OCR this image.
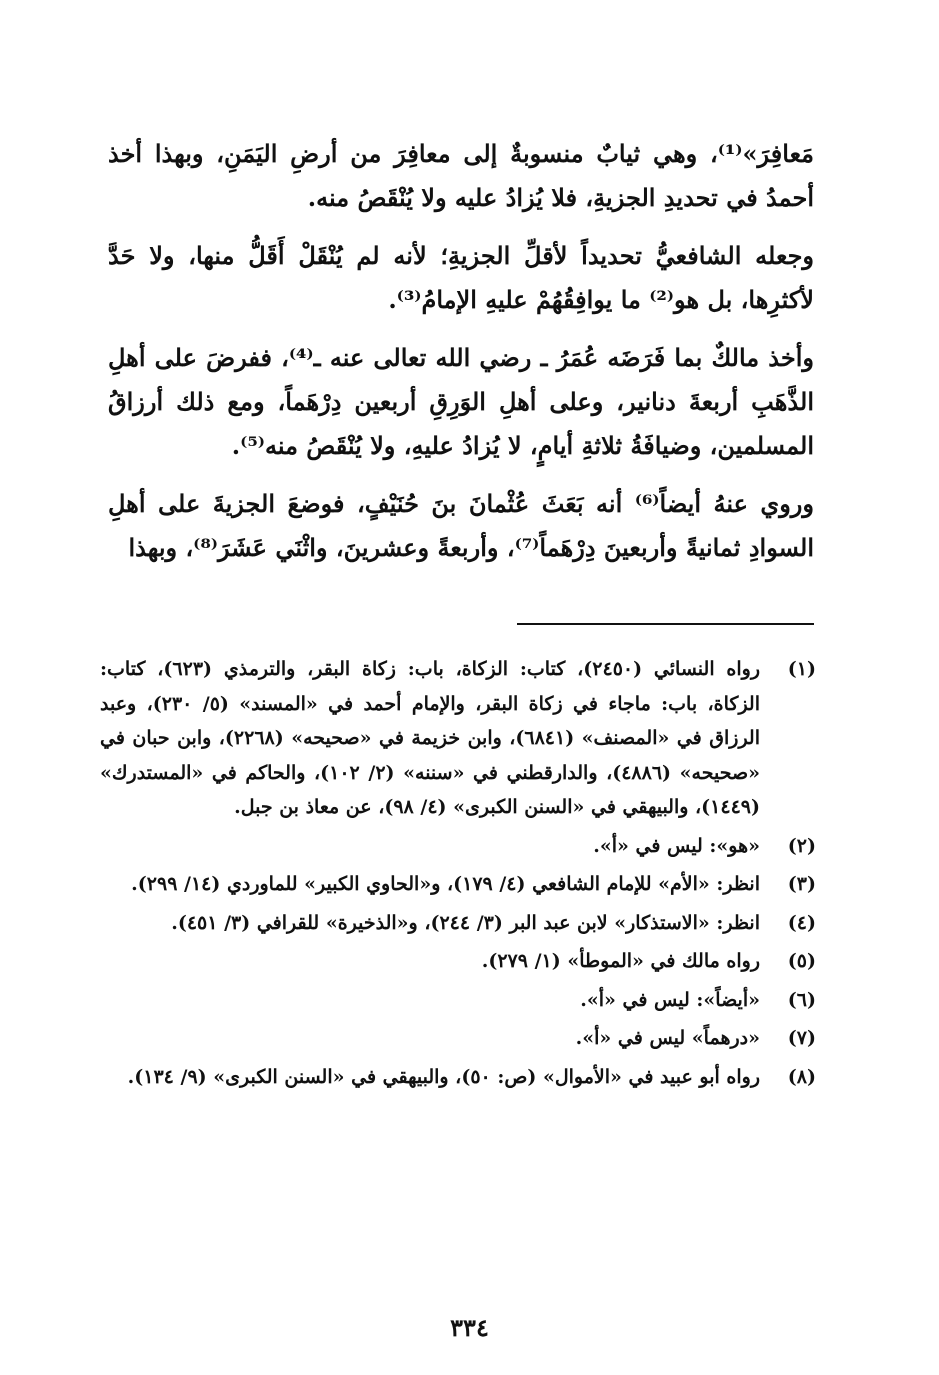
مَعافِرَ»⁽¹⁾، وهي ثيابٌ منسوبةٌ إلى معافِرَ من أرضِ اليَمَنِ، وبهذا أخذ أحمدُ في تحديدِ الجزيةِ، فلا يُزادُ عليه ولا يُنْقَصُ منه.

وجعله الشافعيُّ تحديداً لأقلِّ الجزيةِ؛ لأنه لم يُنْقَلْ أَقَلُّ منها، ولا حَدَّ لأكثرِها، بل هو⁽²⁾ ما يوافِقُهُمْ عليهِ الإمامُ⁽³⁾.

وأخذ مالكٌ بما فَرَضَه عُمَرُ ـ رضي الله تعالى عنه ـ⁽⁴⁾، ففرضَ على أهلِ الذَّهَبِ أربعةَ دنانير، وعلى أهلِ الوَرِقِ أربعين دِرْهَماً، ومع ذلك أرزاقُ المسلمين، وضيافَةُ ثلاثةِ أيامٍ، لا يُزادُ عليهِ، ولا يُنْقَصُ منه⁽⁵⁾.

وروي عنهُ أيضاً⁽⁶⁾ أنه بَعَثَ عُثْمانَ بنَ حُنَيْفٍ، فوضعَ الجزيةَ على أهلِ السوادِ ثمانيةً وأربعينَ دِرْهَماً⁽⁷⁾، وأربعةً وعشرينَ، واثْنَي عَشَرَ⁽⁸⁾، وبهذا

(١)
رواه النسائي (٢٤٥٠)، كتاب: الزكاة، باب: زكاة البقر، والترمذي (٦٢٣)، كتاب: الزكاة، باب: ماجاء في زكاة البقر، والإمام أحمد في «المسند» (٥/ ٢٣٠)، وعبد الرزاق في «المصنف» (٦٨٤١)، وابن خزيمة في «صحيحه» (٢٢٦٨)، وابن حبان في «صحيحه» (٤٨٨٦)، والدارقطني في «سننه» (٢/ ١٠٢)، والحاكم في «المستدرك» (١٤٤٩)، والبيهقي في «السنن الكبرى» (٤/ ٩٨)، عن معاذ بن جبل.
(٢)
«هو»: ليس في «أ».
(٣)
انظر: «الأم» للإمام الشافعي (٤/ ١٧٩)، و«الحاوي الكبير» للماوردي (١٤/ ٢٩٩).
(٤)
انظر: «الاستذكار» لابن عبد البر (٣/ ٢٤٤)، و«الذخيرة» للقرافي (٣/ ٤٥١).
(٥)
رواه مالك في «الموطأ» (١/ ٢٧٩).
(٦)
«أيضاً»: ليس في «أ».
(٧)
«درهماً» ليس في «أ».
(٨)
رواه أبو عبيد في «الأموال» (ص: ٥٠)، والبيهقي في «السنن الكبرى» (٩/ ١٣٤).
٣٣٤
